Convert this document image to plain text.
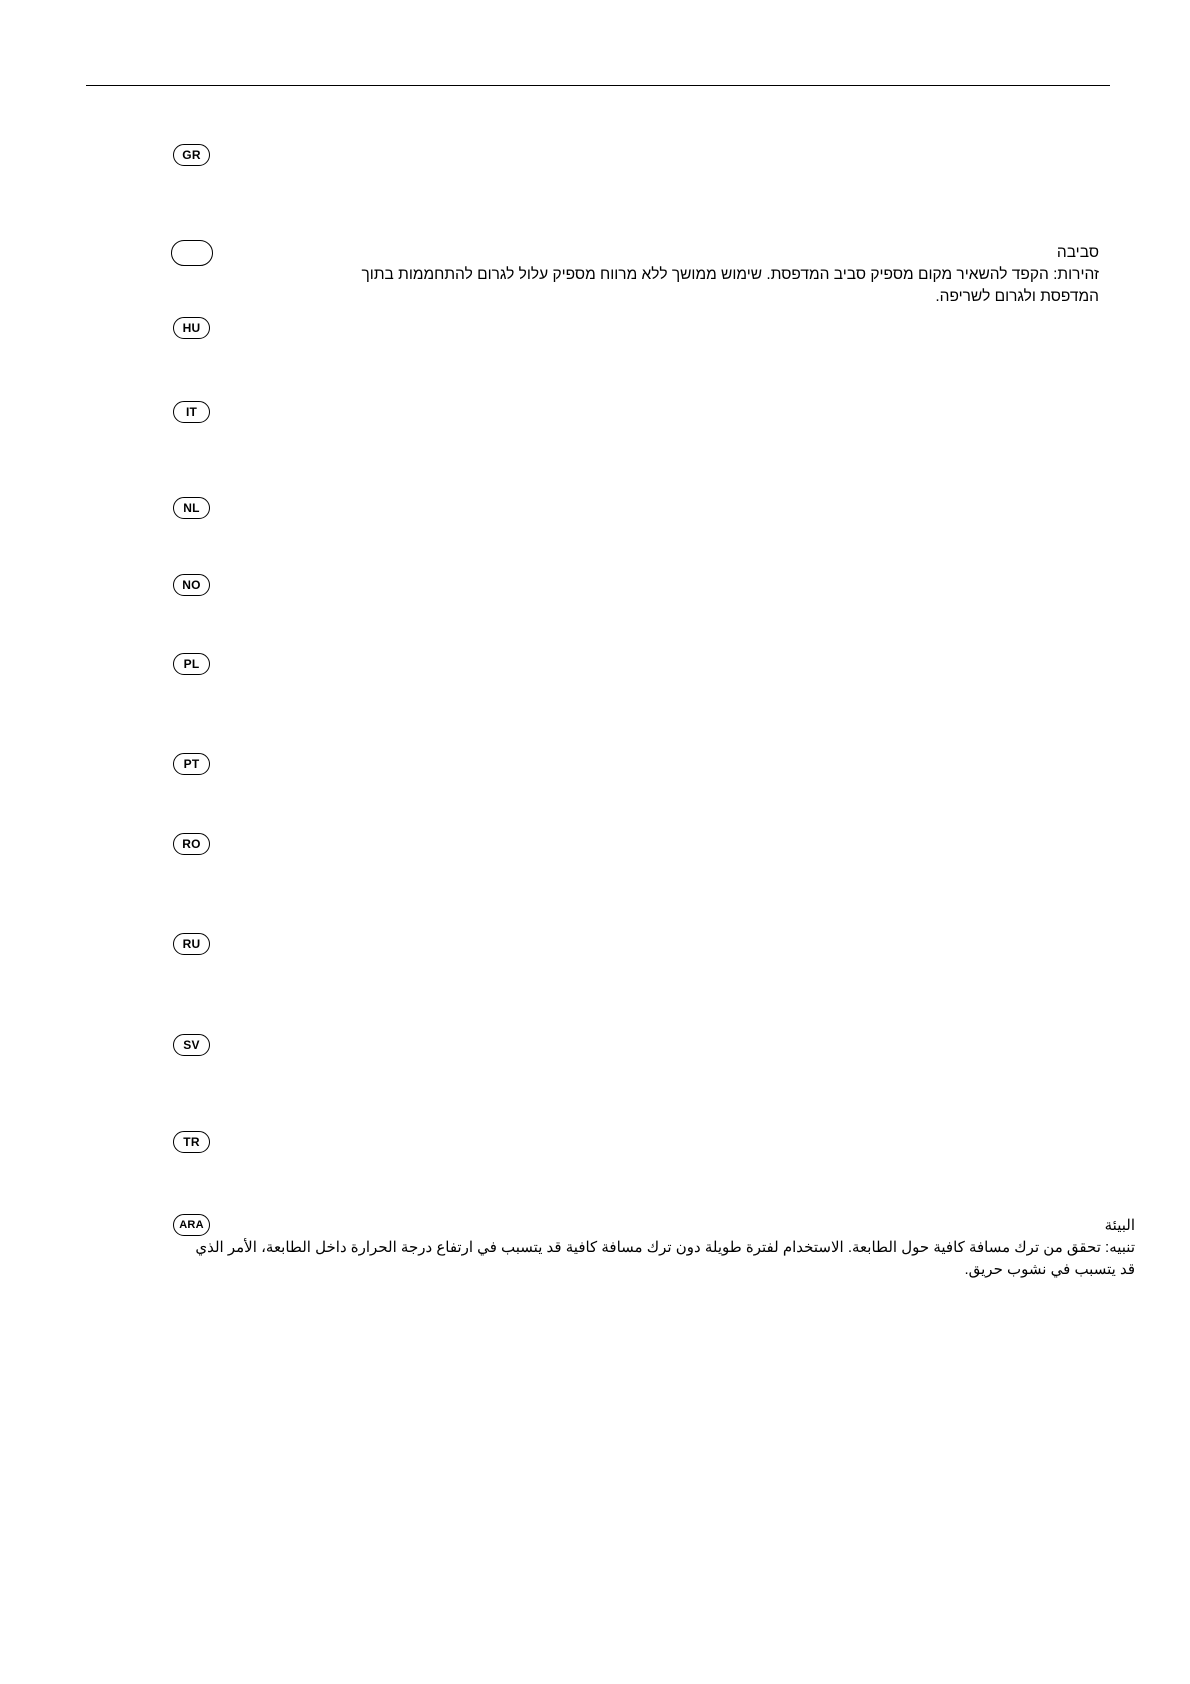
GR
HU
IT
NL
NO
PL
PT
RO
RU
SV
TR
ARA
סביבה
זהירות: הקפד להשאיר מקום מספיק סביב המדפסת. שימוש ממושך ללא מרווח מספיק עלול לגרום להתחממות בתוך
המדפסת ולגרום לשריפה.
البيئة
تنبيه: تحقق من ترك مسافة كافية حول الطابعة. الاستخدام لفترة طويلة دون ترك مسافة كافية قد يتسبب في ارتفاع درجة الحرارة داخل الطابعة، الأمر الذي
قد يتسبب في نشوب حريق.
